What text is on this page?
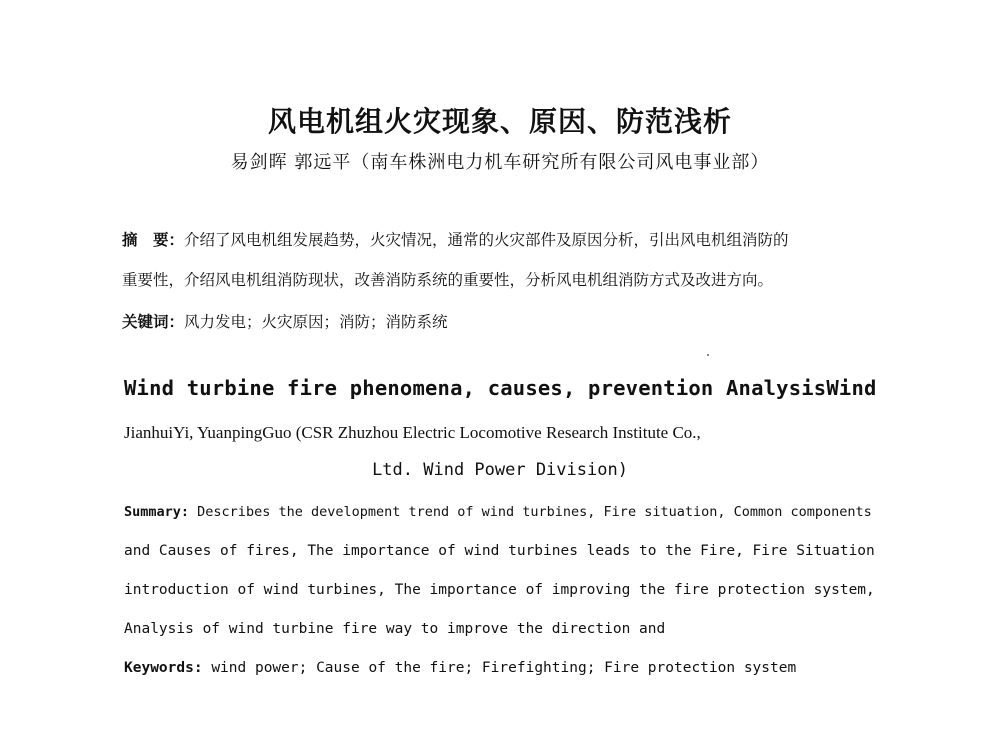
风电机组火灾现象、原因、防范浅析
易剑晖 郭远平（南车株洲电力机车研究所有限公司风电事业部）
摘　要：介绍了风电机组发展趋势，火灾情况，通常的火灾部件及原因分析，引出风电机组消防的
重要性，介绍风电机组消防现状，改善消防系统的重要性，分析风电机组消防方式及改进方向。
关键词：风力发电；火灾原因；消防；消防系统
Wind turbine fire phenomena, causes, prevention AnalysisWind
JianhuiYi, YuanpingGuo (CSR Zhuzhou Electric Locomotive Research Institute Co.,
Ltd. Wind Power Division)
Summary: Describes the development trend of wind turbines, Fire situation, Common components
and Causes of fires, The importance of wind turbines leads to the Fire, Fire Situation
introduction of wind turbines, The importance of improving the fire protection system,
Analysis of wind turbine fire way to improve the direction and
Keywords: wind power; Cause of the fire; Firefighting; Fire protection system
